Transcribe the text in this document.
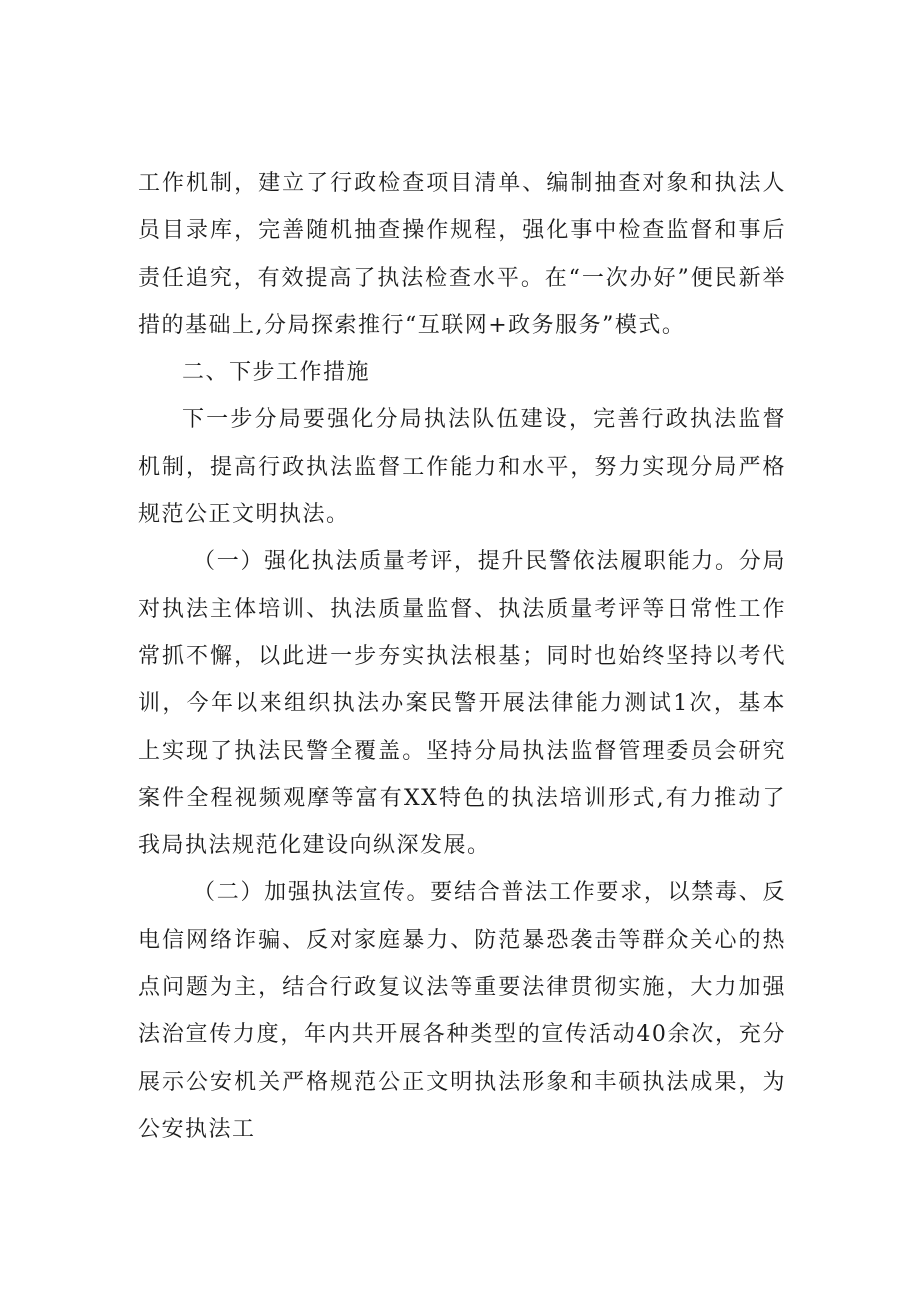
工作机制，建立了行政检查项目清单、编制抽查对象和执法人员目录库，完善随机抽查操作规程，强化事中检查监督和事后责任追究，有效提高了执法检查水平。在“一次办好”便民新举措的基础上,分局探索推行“互联网+政务服务”模式。

二、下步工作措施

下一步分局要强化分局执法队伍建设，完善行政执法监督机制，提高行政执法监督工作能力和水平，努力实现分局严格规范公正文明执法。

（一）强化执法质量考评，提升民警依法履职能力。分局对执法主体培训、执法质量监督、执法质量考评等日常性工作常抓不懈，以此进一步夯实执法根基；同时也始终坚持以考代训，今年以来组织执法办案民警开展法律能力测试1次，基本上实现了执法民警全覆盖。坚持分局执法监督管理委员会研究案件全程视频观摩等富有XX特色的执法培训形式,有力推动了我局执法规范化建设向纵深发展。

（二）加强执法宣传。要结合普法工作要求，以禁毒、反电信网络诈骗、反对家庭暴力、防范暴恐袭击等群众关心的热点问题为主，结合行政复议法等重要法律贯彻实施，大力加强法治宣传力度，年内共开展各种类型的宣传活动40余次，充分展示公安机关严格规范公正文明执法形象和丰硕执法成果，为公安执法工
